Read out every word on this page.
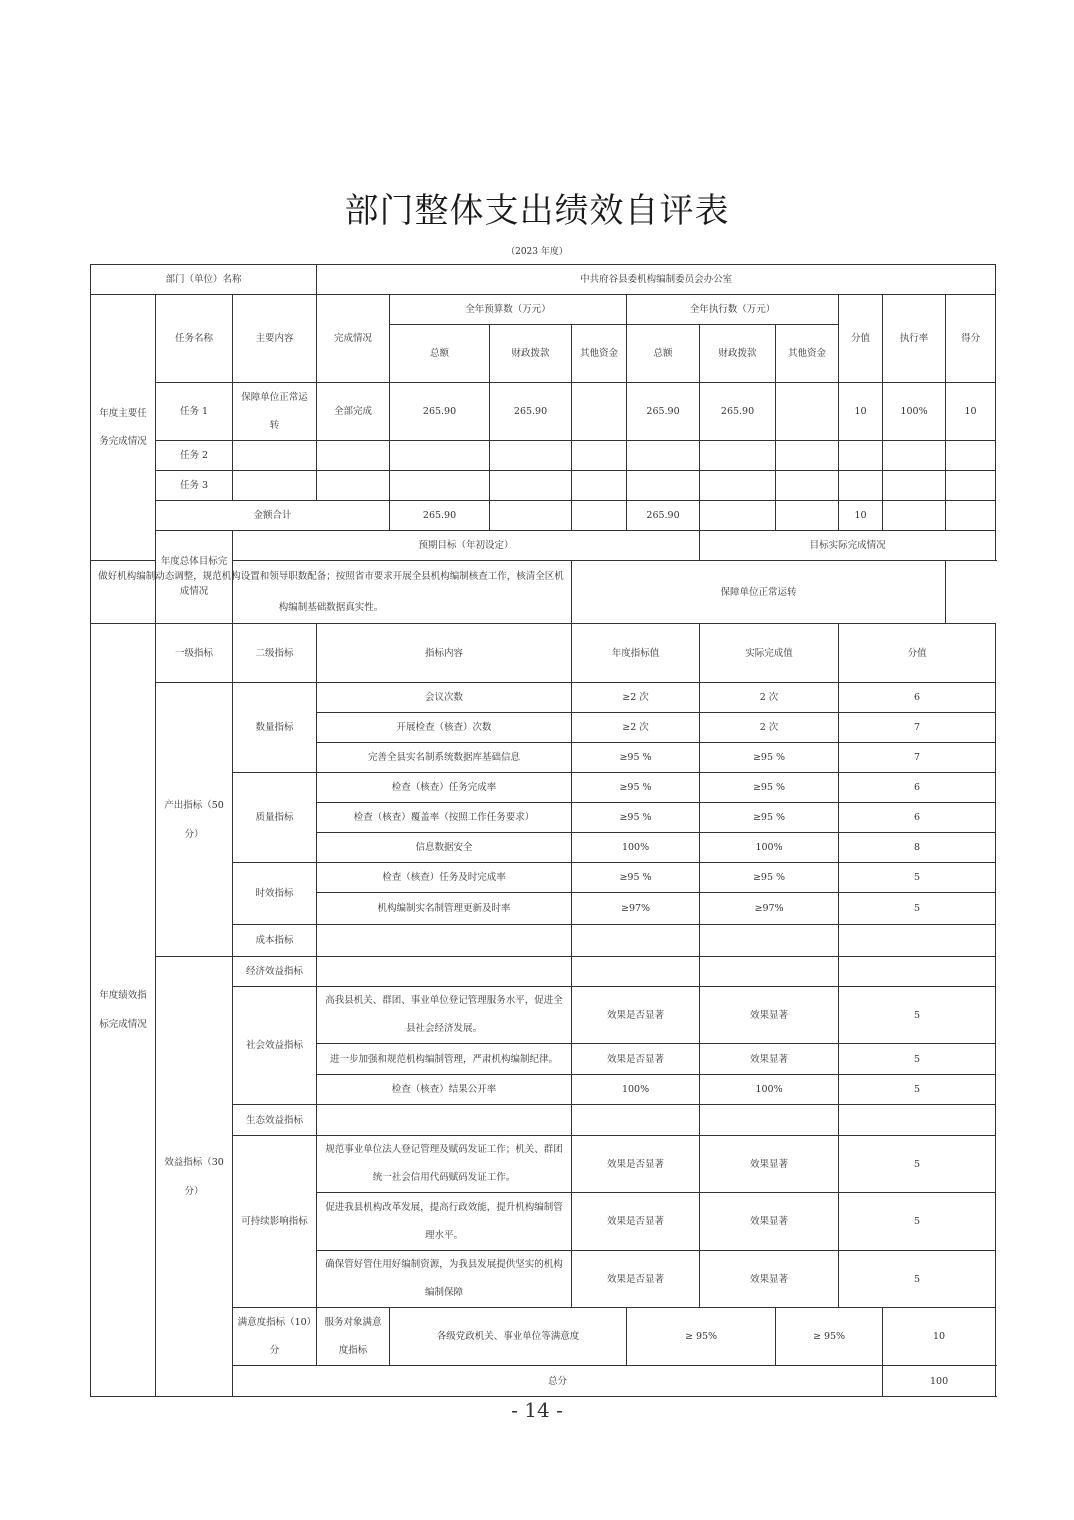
部门整体支出绩效自评表
（2023 年度）
部门（单位）名称			中共府谷县委机构编制委员会办公室										
年度主要任务完成情况	任务名称	主要内容	完成情况	全年预算数（万元）			全年执行数（万元）			分值	执行率	得分	
				总额	财政拨款	其他资金	总额	财政拨款	其他资金				
	任务 1	保障单位正常运转	全部完成	265.90	265.90		265.90	265.90		10	100%	10	
	任务 2												
	任务 3												
	金额合计			265.90			265.90			10			
	年度总体目标完成情况	预期目标（年初设定）						目标实际完成情况					
做好机构编制动态调整，规范机构设置和领导职数配备；按照省市要求开展全县机构编制核查工作，核清全区机构编制基础数据真实性。						保障单位正常运转							
年度绩效指标完成情况	一级指标	二级指标	指标内容			年度指标值		实际完成值		分值	
	产出指标（50分）	数量指标	会议次数			≥2 次		2 次		6	
			开展检查（核查）次数			≥2 次		2 次		7	
			完善全县实名制系统数据库基础信息			≥95 %		≥95 %		7	
		质量指标	检查（核查）任务完成率			≥95 %		≥95 %		6	
			检查（核查）覆盖率（按照工作任务要求）			≥95 %		≥95 %		6	
			信息数据安全			100%		100%		8	
		时效指标	检查（核查）任务及时完成率			≥95 %		≥95 %		5	
			机构编制实名制管理更新及时率			≥97%		≥97%		5	
		成本指标											
	效益指标（30分）	经济效益指标											
		社会效益指标	高我县机关、群团、事业单位登记管理服务水平，促进全县社会经济发展。			效果是否显著		效果显著		5	
			进一步加强和规范机构编制管理，严肃机构编制纪律。			效果是否显著		效果显著		5	
			检查（核查）结果公开率			100%		100%		5	
		生态效益指标											
		可持续影响指标	规范事业单位法人登记管理及赋码发证工作；机关、群团统一社会信用代码赋码发证工作。			效果是否显著		效果显著		5	
			促进我县机构改革发展，提高行政效能，提升机构编制管理水平。			效果是否显著		效果显著		5	
			确保管好管住用好编制资源，为我县发展提供坚实的机构编制保障			效果是否显著		效果显著		5	
		满意度指标（10）分	服务对象满意度指标	各级党政机关、事业单位等满意度			≥ 95%		≥ 95%		10	
		总分									100	
- 14 -
